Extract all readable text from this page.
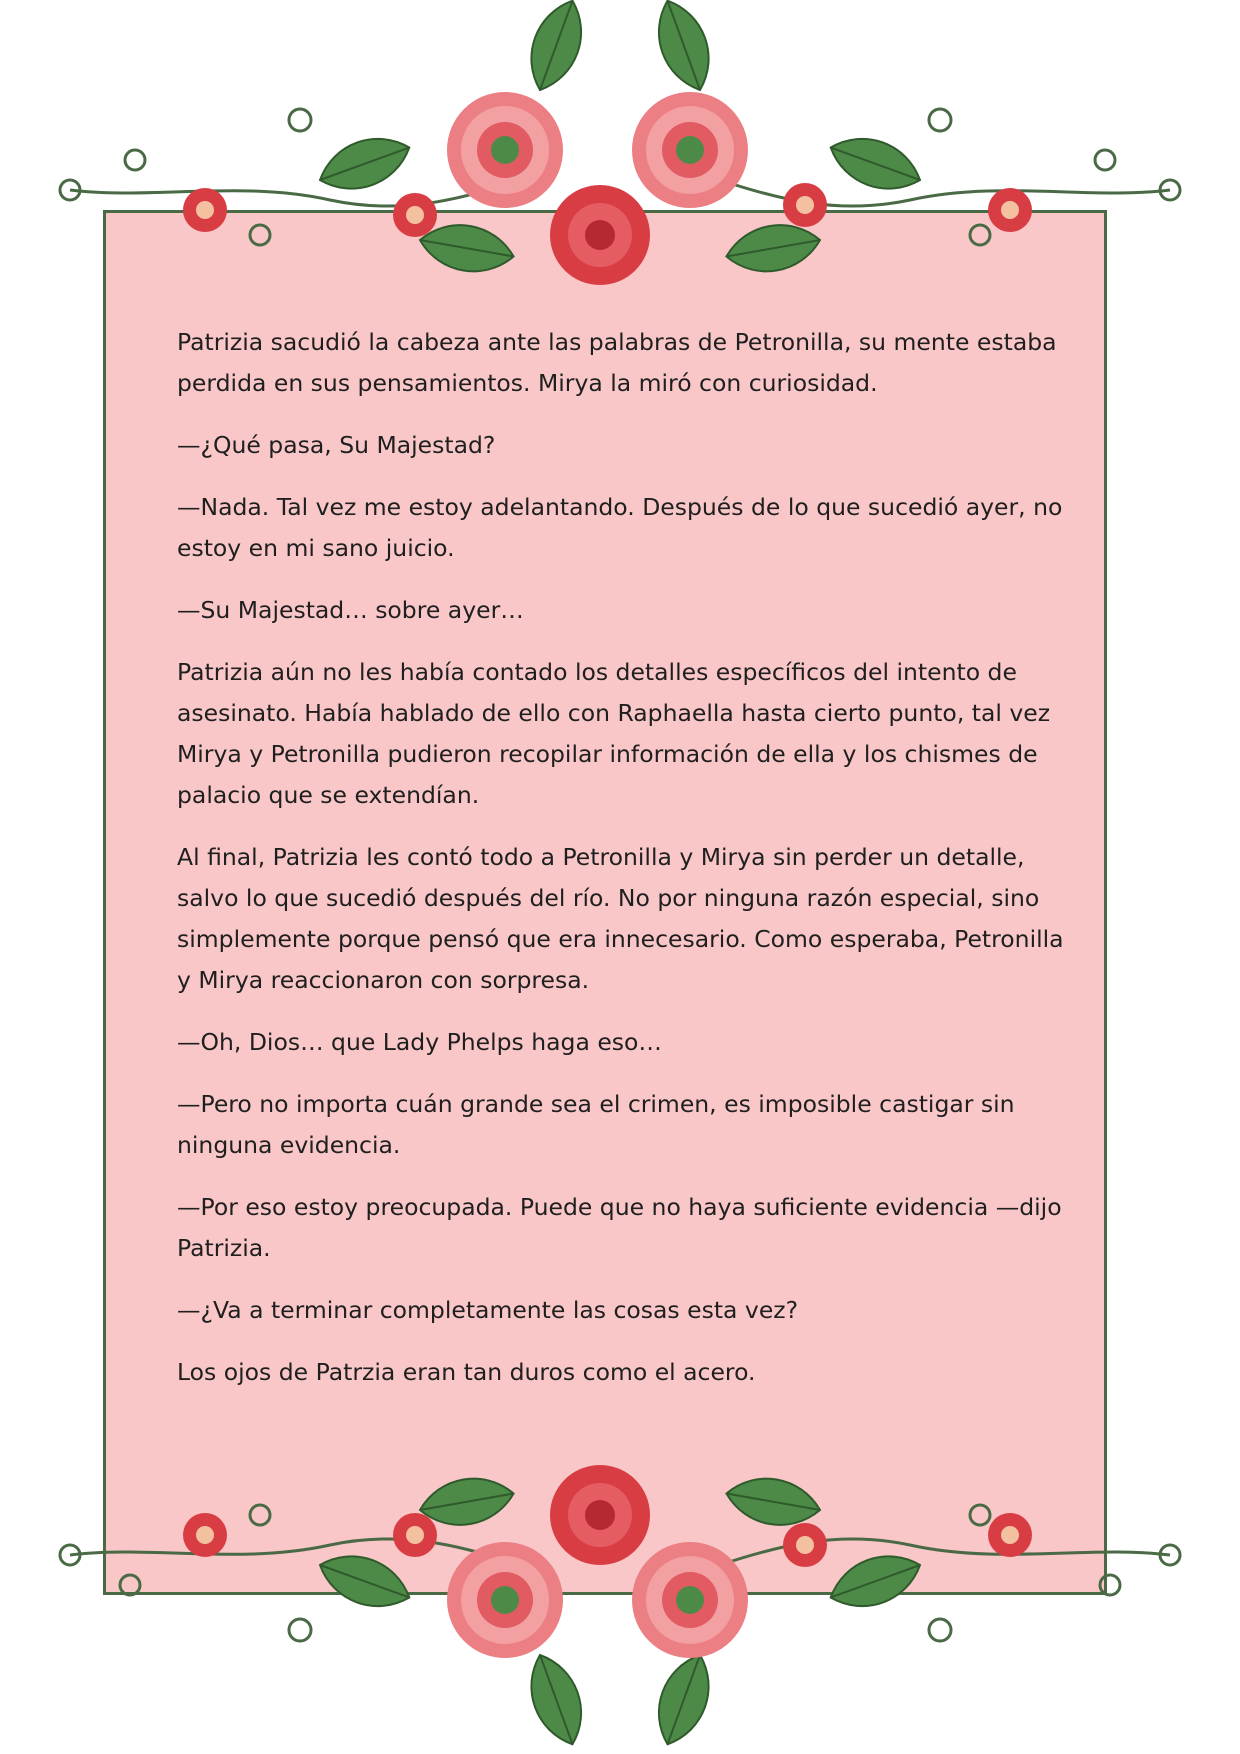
Patrizia sacudió la cabeza ante las palabras de Petronilla, su mente estaba perdida en sus pensamientos. Mirya la miró con curiosidad.

—¿Qué pasa, Su Majestad?

—Nada. Tal vez me estoy adelantando. Después de lo que sucedió ayer, no estoy en mi sano juicio.

—Su Majestad… sobre ayer…

Patrizia aún no les había contado los detalles específicos del intento de asesinato. Había hablado de ello con Raphaella hasta cierto punto, tal vez Mirya y Petronilla pudieron recopilar información de ella y los chismes de palacio que se extendían.

Al final, Patrizia les contó todo a Petronilla y Mirya sin perder un detalle, salvo lo que sucedió después del río. No por ninguna razón especial, sino simplemente porque pensó que era innecesario. Como esperaba, Petronilla y Mirya reaccionaron con sorpresa.

—Oh, Dios… que Lady Phelps haga eso…

—Pero no importa cuán grande sea el crimen, es imposible castigar sin ninguna evidencia.

—Por eso estoy preocupada. Puede que no haya suficiente evidencia —dijo Patrizia.

—¿Va a terminar completamente las cosas esta vez?

Los ojos de Patrzia eran tan duros como el acero.
